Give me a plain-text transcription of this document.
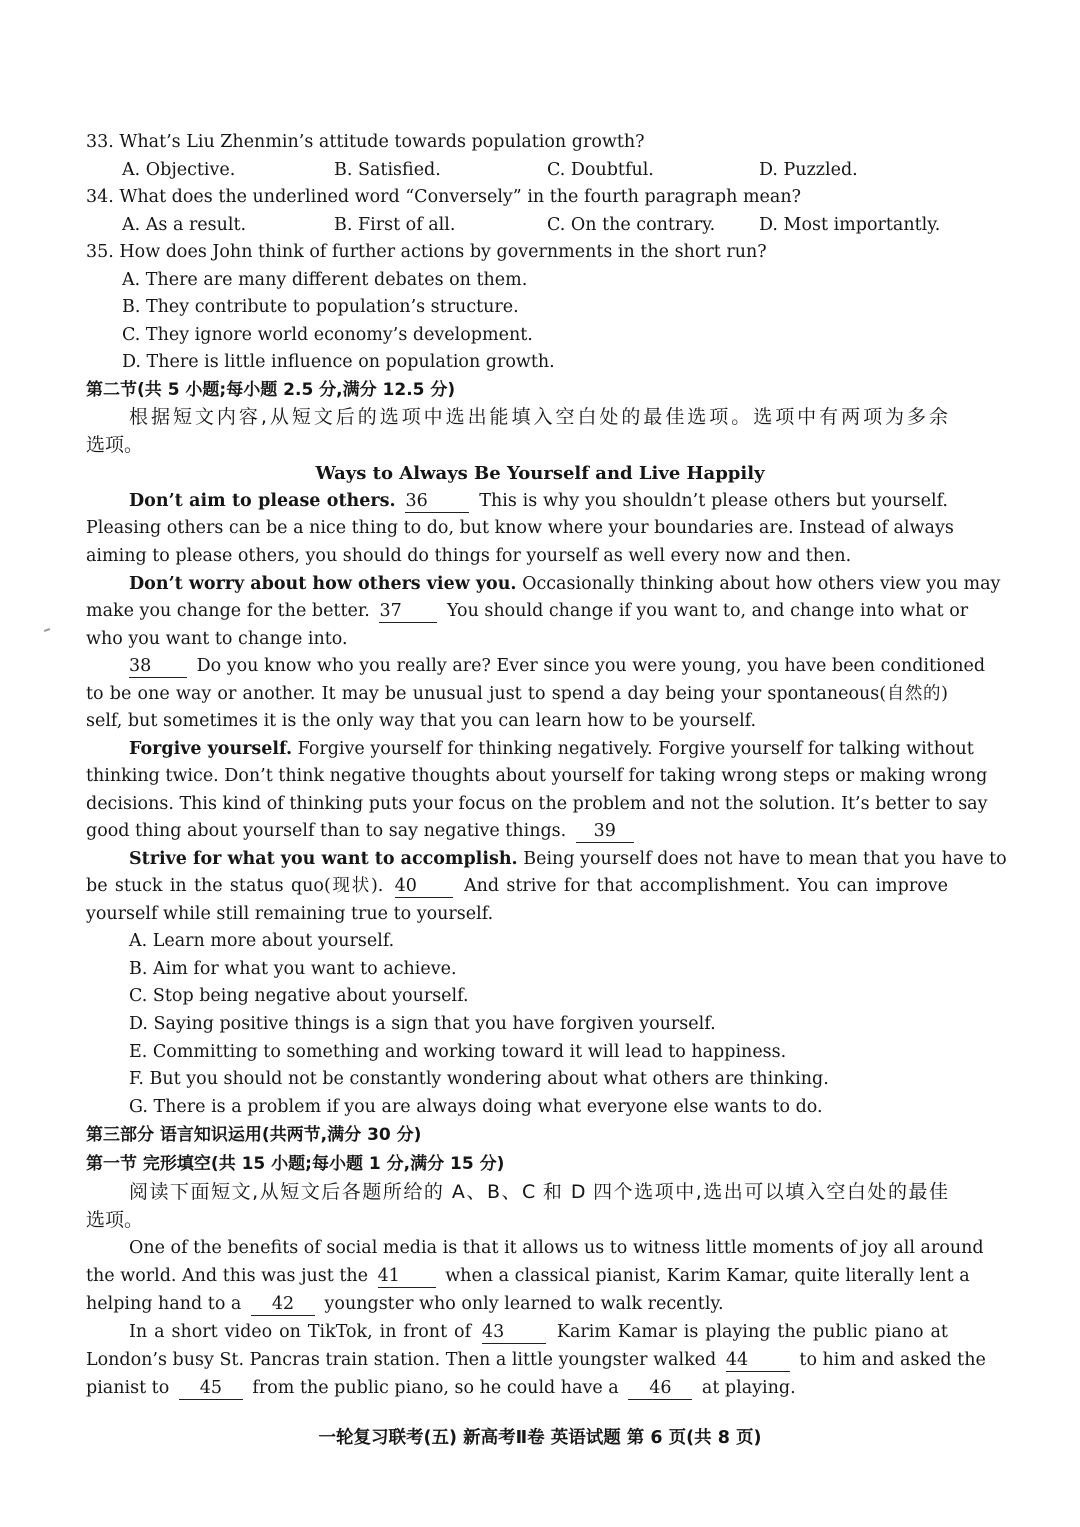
33. What’s Liu Zhenmin’s attitude towards population growth?
A. Objective.	B. Satisfied.	C. Doubtful.	D. Puzzled.
34. What does the underlined word “Conversely” in the fourth paragraph mean?
A. As a result.	B. First of all.	C. On the contrary.	D. Most importantly.
35. How does John think of further actions by governments in the short run?
A. There are many different debates on them.
B. They contribute to population’s structure.
C. They ignore world economy’s development.
D. There is little influence on population growth.
第二节(共 5 小题;每小题 2.5 分,满分 12.5 分)
根据短文内容,从短文后的选项中选出能填入空白处的最佳选项。选项中有两项为多余
选项。
Ways to Always Be Yourself and Live Happily
Don’t aim to please others. 36	This is why you shouldn’t please others but yourself.
Pleasing others can be a nice thing to do, but know where your boundaries are. Instead of always
aiming to please others, you should do things for yourself as well every now and then.
Don’t worry about how others view you. Occasionally thinking about how others view you may
make you change for the better. 37	You should change if you want to, and change into what or
who you want to change into.
38	Do you know who you really are? Ever since you were young, you have been conditioned
to be one way or another. It may be unusual just to spend a day being your spontaneous(自然的)
self, but sometimes it is the only way that you can learn how to be yourself.
Forgive yourself. Forgive yourself for thinking negatively. Forgive yourself for talking without
thinking twice. Don’t think negative thoughts about yourself for taking wrong steps or making wrong
decisions. This kind of thinking puts your focus on the problem and not the solution. It’s better to say
good thing about yourself than to say negative things. 39
Strive for what you want to accomplish. Being yourself does not have to mean that you have to
be stuck in the status quo(现状). 40	And strive for that accomplishment. You can improve
yourself while still remaining true to yourself.
A. Learn more about yourself.
B. Aim for what you want to achieve.
C. Stop being negative about yourself.
D. Saying positive things is a sign that you have forgiven yourself.
E. Committing to something and working toward it will lead to happiness.
F. But you should not be constantly wondering about what others are thinking.
G. There is a problem if you are always doing what everyone else wants to do.
第三部分 语言知识运用(共两节,满分 30 分)
第一节 完形填空(共 15 小题;每小题 1 分,满分 15 分)
阅读下面短文,从短文后各题所给的 A、B、C 和 D 四个选项中,选出可以填入空白处的最佳
选项。
One of the benefits of social media is that it allows us to witness little moments of joy all around
the world. And this was just the 41	when a classical pianist, Karim Kamar, quite literally lent a
helping hand to a 42 youngster who only learned to walk recently.
In a short video on TikTok, in front of 43	Karim Kamar is playing the public piano at
London’s busy St. Pancras train station. Then a little youngster walked 44	to him and asked the
pianist to 45 from the public piano, so he could have a 46 at playing.
一轮复习联考(五) 新高考Ⅱ卷 英语试题 第 6 页(共 8 页)
